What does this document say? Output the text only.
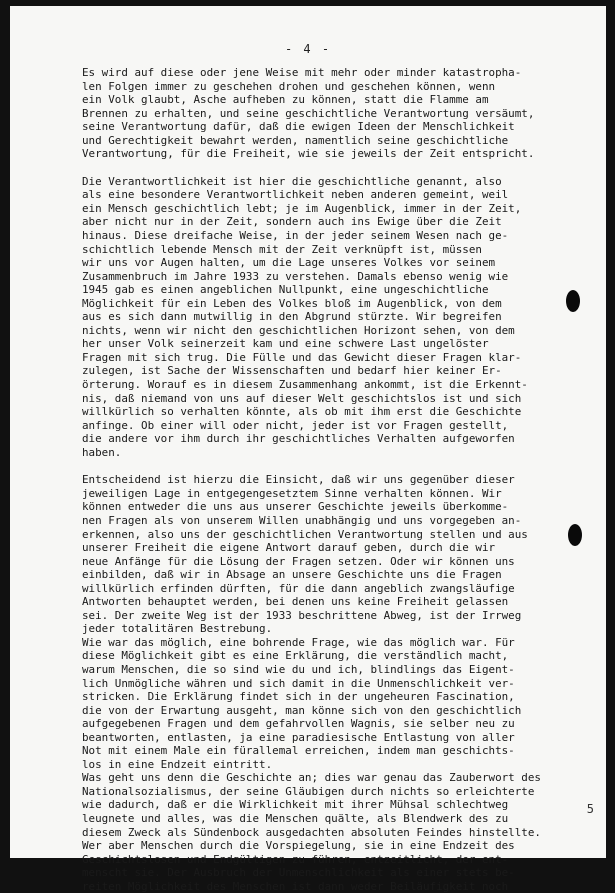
- 4 -
Es wird auf diese oder jene Weise mit mehr oder minder katastropha-
len Folgen immer zu geschehen drohen und geschehen können, wenn
ein Volk glaubt, Asche aufheben zu können, statt die Flamme am
Brennen zu erhalten, und seine geschichtliche Verantwortung versäumt,
seine Verantwortung dafür, daß die ewigen Ideen der Menschlichkeit
und Gerechtigkeit bewahrt werden, namentlich seine geschichtliche
Verantwortung, für die Freiheit, wie sie jeweils der Zeit entspricht.
Die Verantwortlichkeit ist hier die geschichtliche genannt, also
als eine besondere Verantwortlichkeit neben anderen gemeint, weil
ein Mensch geschichtlich lebt; je im Augenblick, immer in der Zeit,
aber nicht nur in der Zeit, sondern auch ins Ewige über die Zeit
hinaus. Diese dreifache Weise, in der jeder seinem Wesen nach ge-
schichtlich lebende Mensch mit der Zeit verknüpft ist, müssen
wir uns vor Augen halten, um die Lage unseres Volkes vor seinem
Zusammenbruch im Jahre 1933 zu verstehen. Damals ebenso wenig wie
1945 gab es einen angeblichen Nullpunkt, eine ungeschichtliche
Möglichkeit für ein Leben des Volkes bloß im Augenblick, von dem
aus es sich dann mutwillig in den Abgrund stürzte. Wir begreifen
nichts, wenn wir nicht den geschichtlichen Horizont sehen, von dem
her unser Volk seinerzeit kam und eine schwere Last ungelöster
Fragen mit sich trug. Die Fülle und das Gewicht dieser Fragen klar-
zulegen, ist Sache der Wissenschaften und bedarf hier keiner Er-
örterung. Worauf es in diesem Zusammenhang ankommt, ist die Erkennt-
nis, daß niemand von uns auf dieser Welt geschichtslos ist und sich
willkürlich so verhalten könnte, als ob mit ihm erst die Geschichte
anfinge. Ob einer will oder nicht, jeder ist vor Fragen gestellt,
die andere vor ihm durch ihr geschichtliches Verhalten aufgeworfen
haben.
Entscheidend ist hierzu die Einsicht, daß wir uns gegenüber dieser
jeweiligen Lage in entgegengesetztem Sinne verhalten können. Wir
können entweder die uns aus unserer Geschichte jeweils überkomme-
nen Fragen als von unserem Willen unabhängig und uns vorgegeben an-
erkennen, also uns der geschichtlichen Verantwortung stellen und aus
unserer Freiheit die eigene Antwort darauf geben, durch die wir
neue Anfänge für die Lösung der Fragen setzen. Oder wir können uns
einbilden, daß wir in Absage an unsere Geschichte uns die Fragen
willkürlich erfinden dürften, für die dann angeblich zwangsläufige
Antworten behauptet werden, bei denen uns keine Freiheit gelassen
sei. Der zweite Weg ist der 1933 beschrittene Abweg, ist der Irrweg
jeder totalitären Bestrebung.
Wie war das möglich, eine bohrende Frage, wie das möglich war. Für
diese Möglichkeit gibt es eine Erklärung, die verständlich macht,
warum Menschen, die so sind wie du und ich, blindlings das Eigent-
lich Unmögliche währen und sich damit in die Unmenschlichkeit ver-
stricken. Die Erklärung findet sich in der ungeheuren Fascination,
die von der Erwartung ausgeht, man könne sich von den geschichtlich
aufgegebenen Fragen und dem gefahrvollen Wagnis, sie selber neu zu
beantworten, entlasten, ja eine paradiesische Entlastung von aller
Not mit einem Male ein fürallemal erreichen, indem man geschichts-
los in eine Endzeit eintritt.
Was geht uns denn die Geschichte an; dies war genau das Zauberwort des
Nationalsozialismus, der seine Gläubigen durch nichts so erleichterte
wie dadurch, daß er die Wirklichkeit mit ihrer Mühsal schlechtweg
leugnete und alles, was die Menschen quälte, als Blendwerk des zu
diesem Zweck als Sündenbock ausgedachten absoluten Feindes hinstellte.
Wer aber Menschen durch die Vorspiegelung, sie in eine Endzeit des
Geschichtslosen und Endgültigen zu führen, entzeitlicht, der ent-
menscht sie. Der Ausbruch der Unmenschlichkeit als einer stets be-
reiten Möglichkeit des Menschen ist dann weder Beiläufigkeit noch
5
